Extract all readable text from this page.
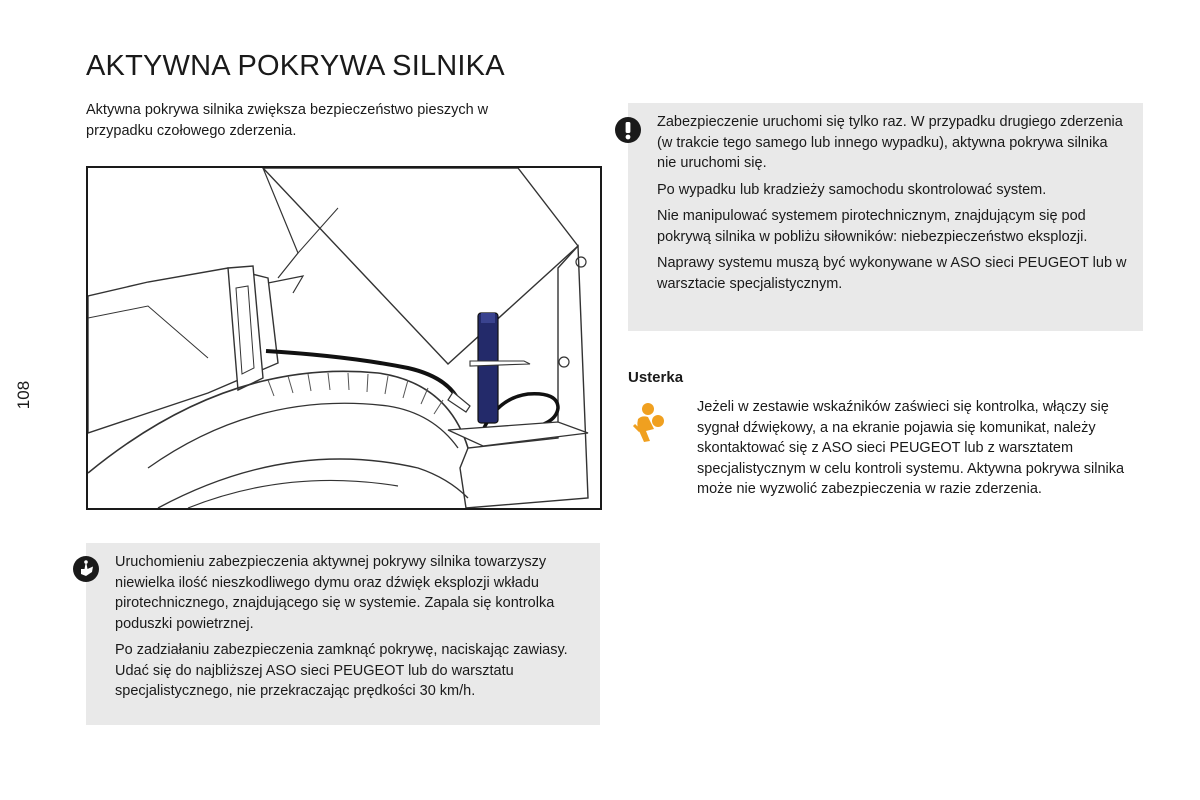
AKTYWNA POKRYWA SILNIKA

Aktywna pokrywa silnika zwiększa bezpieczeństwo pieszych w przypadku czołowego zderzenia.

108

Uruchomieniu zabezpieczenia aktywnej pokrywy silnika towarzyszy niewielka ilość nieszkodliwego dymu oraz dźwięk eksplozji wkładu pirotechnicznego, znajdującego się w systemie. Zapala się kontrolka poduszki powietrznej.

Po zadziałaniu zabezpieczenia zamknąć pokrywę, naciskając zawiasy. Udać się do najbliższej ASO sieci PEUGEOT lub do warsztatu specjalistycznego, nie przekraczając prędkości 30 km/h.

Zabezpieczenie uruchomi się tylko raz. W przypadku drugiego zderzenia (w trakcie tego samego lub innego wypadku), aktywna pokrywa silnika nie uruchomi się.

Po wypadku lub kradzieży samochodu skontrolować system.

Nie manipulować systemem pirotechnicznym, znajdującym się pod pokrywą silnika w pobliżu siłowników: niebezpieczeństwo eksplozji.

Naprawy systemu muszą być wykonywane w ASO sieci PEUGEOT lub w warsztacie specjalistycznym.

Usterka

Jeżeli w zestawie wskaźników zaświeci się kontrolka, włączy się sygnał dźwiękowy, a na ekranie pojawia się komunikat, należy skontaktować się z ASO sieci PEUGEOT lub z warsztatem specjalistycznym w celu kontroli systemu. Aktywna pokrywa silnika może nie wyzwolić zabezpieczenia w razie zderzenia.
